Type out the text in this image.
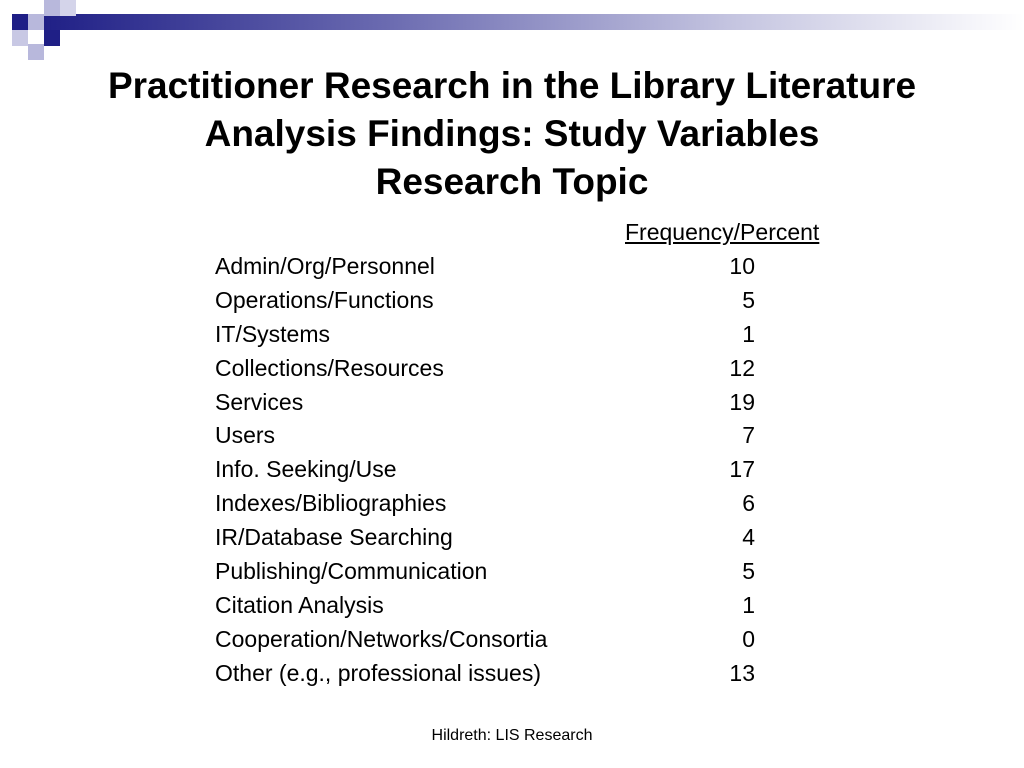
Practitioner Research in the Library Literature
Analysis Findings: Study Variables
Research Topic
Frequency/Percent
Admin/Org/Personnel	10
Operations/Functions	5
IT/Systems	1
Collections/Resources	12
Services	19
Users	7
Info. Seeking/Use	17
Indexes/Bibliographies	6
IR/Database Searching	4
Publishing/Communication	5
Citation Analysis	1
Cooperation/Networks/Consortia	0
Other (e.g., professional issues)	13
Hildreth: LIS Research
